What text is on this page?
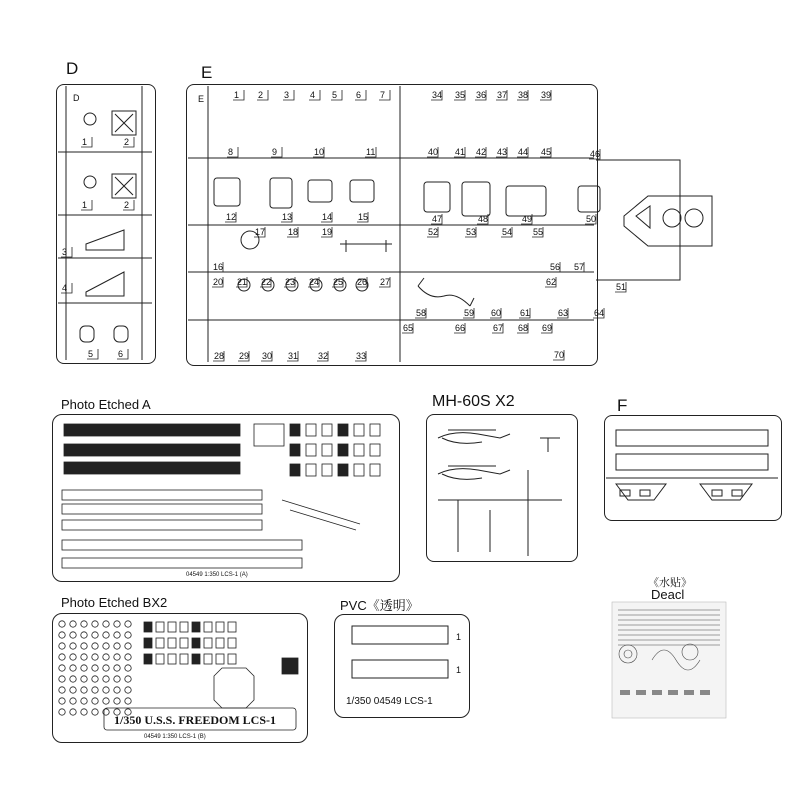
D	E
MH-60S X2	F
Photo Etched A
Photo Etched BX2	PVC《透明》
《水贴》
Deacl
D
1	2
1	2
3
4
5	6
E	1 2 3 4 5 6 7
8	9	10	11
12	13	14	15
16
17	18	19
20 21 22 23 24 25 26 27
28 29 30 31 32	33
34 35 36 37 38 39
40 41 42 43 44 45	46
47	48	49	50
51
52	53	54 55
56 57
58	59 60 61
62
63	64
65	66	67 68 69
70
04549 1:350 LCS-1 (A)
1/350 U.S.S. FREEDOM LCS-1
04549 1:350 LCS-1 (B)
1
1
1/350 04549 LCS-1
